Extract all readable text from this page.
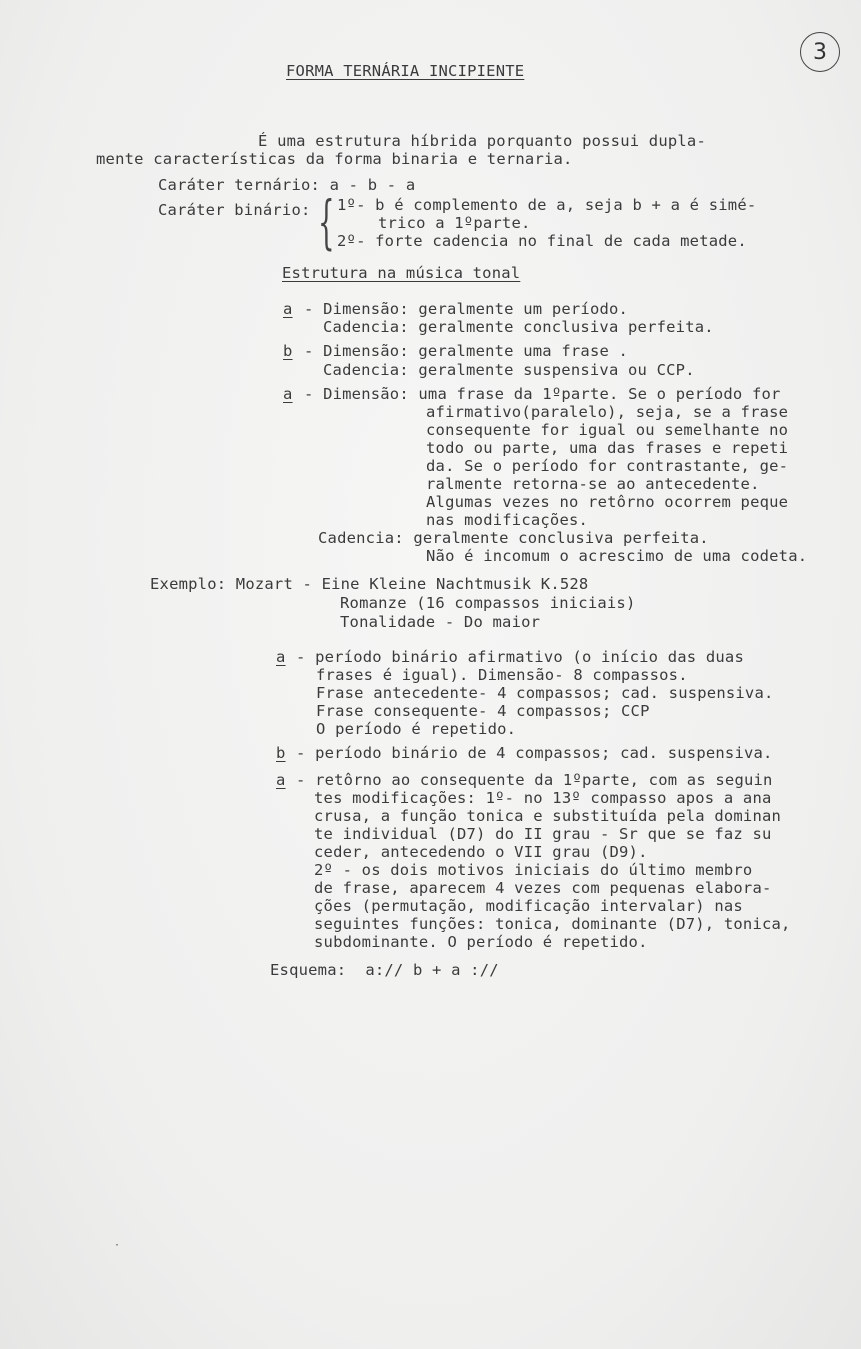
3
FORMA TERNÁRIA INCIPIENTE
É uma estrutura híbrida porquanto possui dupla-
mente características da forma binaria e ternaria.
Caráter ternário: a - b - a
Caráter binário: { 1º- b é complemento de a, seja b + a é simé-
trico a 1ºparte.
2º- forte cadencia no final de cada metade.
Estrutura na música tonal
a - Dimensão: geralmente um período.
Cadencia: geralmente conclusiva perfeita.
b - Dimensão: geralmente uma frase .
Cadencia: geralmente suspensiva ou CCP.
a - Dimensão: uma frase da 1ºparte. Se o período for
afirmativo(paralelo), seja, se a frase
consequente for igual ou semelhante no
todo ou parte, uma das frases e repeti
da. Se o período for contrastante, ge-
ralmente retorna-se ao antecedente.
Algumas vezes no retôrno ocorrem peque
nas modificações.
Cadencia: geralmente conclusiva perfeita.
Não é incomum o acrescimo de uma codeta.
Exemplo: Mozart - Eine Kleine Nachtmusik K.528
Romanze (16 compassos iniciais)
Tonalidade - Do maior
a - período binário afirmativo (o início das duas
frases é igual). Dimensão- 8 compassos.
Frase antecedente- 4 compassos; cad. suspensiva.
Frase consequente- 4 compassos; CCP
O período é repetido.
b - período binário de 4 compassos; cad. suspensiva.
a - retôrno ao consequente da 1ºparte, com as seguin
tes modificações: 1º- no 13º compasso apos a ana
crusa, a função tonica e substituída pela dominan
te individual (D7) do II grau - Sr que se faz su
ceder, antecedendo o VII grau (D9).
2º - os dois motivos iniciais do último membro
de frase, aparecem 4 vezes com pequenas elabora-
ções (permutação, modificação intervalar) nas
seguintes funções: tonica, dominante (D7), tonica,
subdominante. O período é repetido.
Esquema:  a:// b + a ://
·
